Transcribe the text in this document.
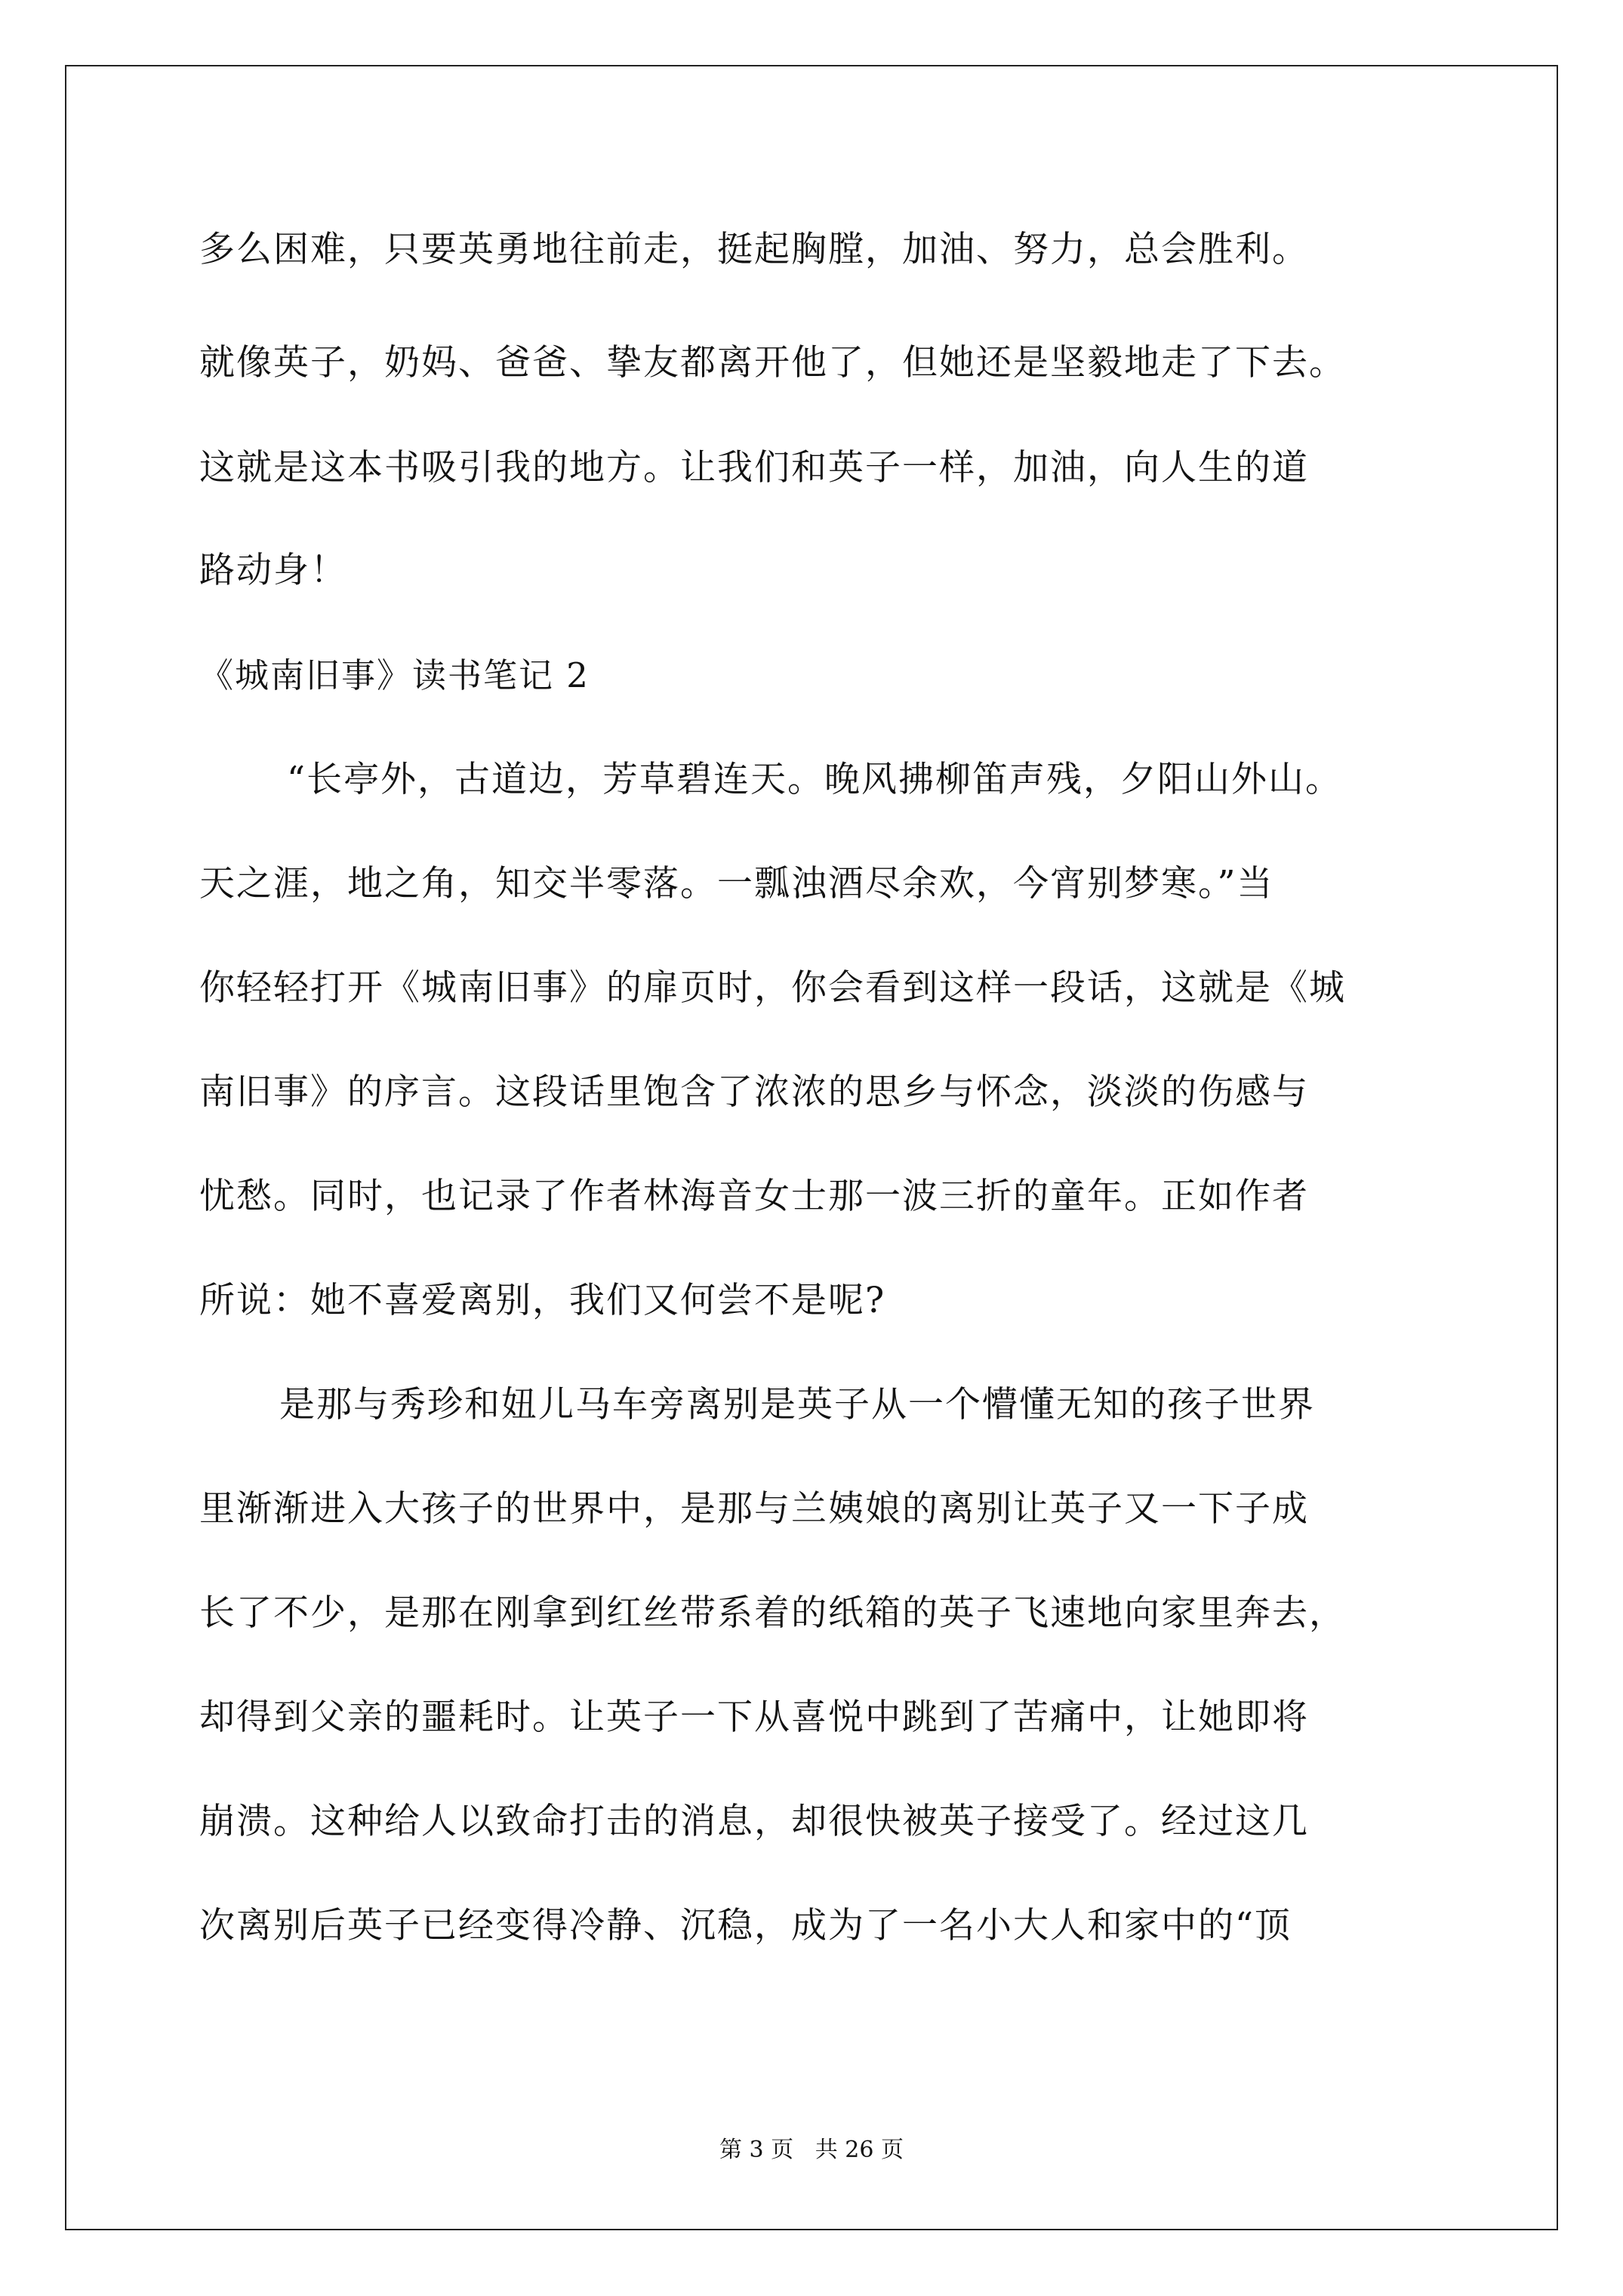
多么困难，只要英勇地往前走，挺起胸膛，加油、努力，总会胜利。
就像英子，奶妈、爸爸、挚友都离开他了，但她还是坚毅地走了下去。
这就是这本书吸引我的地方。让我们和英子一样，加油，向人生的道
路动身！
《城南旧事》读书笔记 2
“长亭外，古道边，芳草碧连天。晚风拂柳笛声残，夕阳山外山。
天之涯，地之角，知交半零落。一瓢浊酒尽余欢，今宵别梦寒。”当
你轻轻打开《城南旧事》的扉页时，你会看到这样一段话，这就是《城
南旧事》的序言。这段话里饱含了浓浓的思乡与怀念，淡淡的伤感与
忧愁。同时，也记录了作者林海音女士那一波三折的童年。正如作者
所说：她不喜爱离别，我们又何尝不是呢?
是那与秀珍和妞儿马车旁离别是英子从一个懵懂无知的孩子世界
里渐渐进入大孩子的世界中，是那与兰姨娘的离别让英子又一下子成
长了不少，是那在刚拿到红丝带系着的纸箱的英子飞速地向家里奔去，
却得到父亲的噩耗时。让英子一下从喜悦中跳到了苦痛中，让她即将
崩溃。这种给人以致命打击的消息，却很快被英子接受了。经过这几
次离别后英子已经变得冷静、沉稳，成为了一名小大人和家中的“顶
第 3 页   共 26 页
